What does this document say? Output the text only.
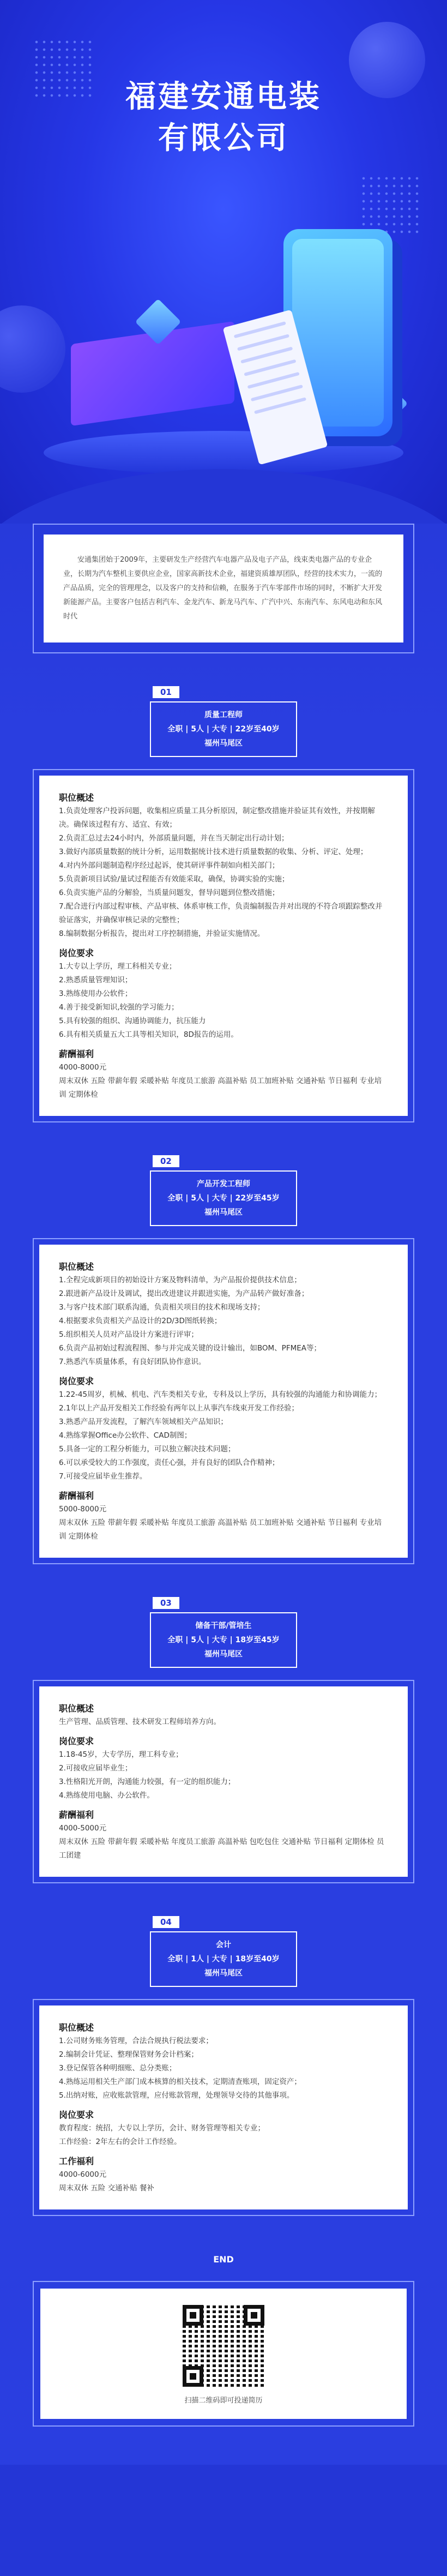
福建安通电装
有限公司

安通集团始于2009年，主要研发生产经营汽车电器产品及电子产品，线束类电器产品的专业企业，长期为汽车整机主要供应企业，国家高新技术企业，福建资质雄厚团队，经营的技术实力，一流的产品品质，完全的管理理念，以及客户的支持和信赖，在服务于汽车零部件市场的同时，不断扩大开发新能源产品。主要客户包括吉利汽车、金龙汽车、新龙马汽车、广汽中兴、东南汽车、东风电动和东风时代

01
质量工程师
全职 | 5人 | 大专 | 22岁至40岁
福州马尾区
职位概述
1.负责处理客户投诉问题，收集相应质量工具分析原因，制定整改措施并验证其有效性，并按期解决。确保该过程有方、适宜、有效；
2.负责汇总过去24小时内，外部质量问题，并在当天制定出行动计划；
3.做好内部质量数据的统计分析，运用数据统计技术进行质量数据的收集、分析、评定、处理；
4.对内外部问题制造程序经过起诉，使其研评事件制如向相关部门；
5.负责新项目试验/量试过程能否有效能采取，确保，协调实验的实施；
6.负责实施产品的分解验，当质量问题发，督导问题到位整改措施；
7.配合进行内部过程审核、产品审核、体系审核工作，负责编制报告并对出现的不符合项跟踪整改并验证落实，并确保审核记录的完整性；
8.编制数据分析报告，提出对工序控制措施，并验证实施情况。
岗位要求
1.大专以上学历，理工科相关专业；
2.熟悉质量管理知识；
3.熟练使用办公软件；
4.善于接受新知识,较强的学习能力；
5.具有较强的组织、沟通协调能力，抗压能力
6.具有相关质量五大工具等相关知识，8D报告的运用。
薪酬福利
4000-8000元
周末双休 五险 带薪年假 采暖补贴 年度员工旅游 高温补贴 员工加班补贴 交通补贴 节日福利 专业培训 定期体检
02
产品开发工程师
全职 | 5人 | 大专 | 22岁至45岁
福州马尾区
职位概述
1.全程完成新项目的初始设计方案及物料清单，为产品报价提供技术信息；
2.跟进新产品设计及调试，提出改进建议并跟进实施，为产品转产做好准备；
3.与客户技术部门联系沟通，负责相关项目的技术和现场支持；
4.根据要求负责相关产品设计的2D/3D图纸转换；
5.组织相关人员对产品设计方案进行评审；
6.负责产品初始过程流程图、参与并完成关键的设计输出，如BOM、PFMEA等；
7.熟悉汽车质量体系，有良好团队协作意识。
岗位要求
1.22-45周岁，机械、机电、汽车类相关专业，专科及以上学历，具有较强的沟通能力和协调能力；
2.1年以上产品开发相关工作经验有两年以上从事汽车线束开发工作经验；
3.熟悉产品开发流程，了解汽车领域相关产品知识；
4.熟练掌握Office办公软件、CAD制图；
5.具备一定的工程分析能力，可以独立解决技术问题；
6.可以承受较大的工作强度，责任心强，并有良好的团队合作精神；
7.可接受应届毕业生推荐。
薪酬福利
5000-8000元
周末双休 五险 带薪年假 采暖补贴 年度员工旅游 高温补贴 员工加班补贴 交通补贴 节日福利 专业培训 定期体检
03
储备干部/管培生
全职 | 5人 | 大专 | 18岁至45岁
福州马尾区
职位概述
生产管理、品质管理、技术研发工程师培养方向。
岗位要求
1.18-45岁，大专学历，理工科专业；
2.可接收应届毕业生；
3.性格阳光开朗，沟通能力较强，有一定的组织能力；
4.熟练使用电脑、办公软件。
薪酬福利
4000-5000元
周末双休 五险 带薪年假 采暖补贴 年度员工旅游 高温补贴 包吃包住 交通补贴 节日福利 定期体检 员工团建
04
会计
全职 | 1人 | 大专 | 18岁至40岁
福州马尾区
职位概述
1.公司财务账务管理，合法合规执行税法要求；
2.编制会计凭证、整理保管财务会计档案；
3.登记保管各种明细账、总分类账；
4.熟练运用相关生产部门成本核算的相关技术，定期清查账项，固定资产；
5.出纳对账，应收账款管理，应付账款管理，处理领导交待的其他事项。
岗位要求
教育程度：统招，大专以上学历，会计、财务管理等相关专业；
工作经验：2年左右的会计工作经验。
工作福利
4000-6000元
周末双休 五险 交通补贴 餐补
END
扫描二维码即可投递简历
